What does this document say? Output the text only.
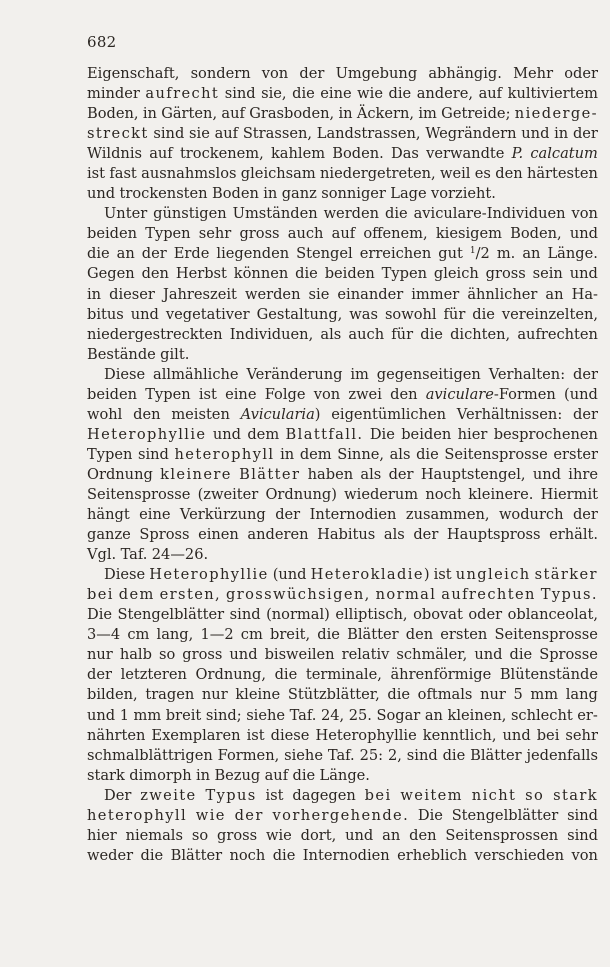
682
Eigenschaft, sondern von der Umgebung abhängig. Mehr oder
minder aufrecht sind sie, die eine wie die andere, auf kultiviertem
Boden, in Gärten, auf Grasboden, in Äckern, im Getreide; niederge-
streckt sind sie auf Strassen, Landstrassen, Wegrändern und in der
Wildnis auf trockenem, kahlem Boden. Das verwandte P. calcatum
ist fast ausnahmslos gleichsam niedergetreten, weil es den härtesten
und trockensten Boden in ganz sonniger Lage vorzieht.
Unter günstigen Umständen werden die aviculare-Individuen von
beiden Typen sehr gross auch auf offenem, kiesigem Boden, und
die an der Erde liegenden Stengel erreichen gut 1/2 m. an Länge.
Gegen den Herbst können die beiden Typen gleich gross sein und
in dieser Jahreszeit werden sie einander immer ähnlicher an Ha-
bitus und vegetativer Gestaltung, was sowohl für die vereinzelten,
niedergestreckten Individuen, als auch für die dichten, aufrechten
Bestände gilt.
Diese allmähliche Veränderung im gegenseitigen Verhalten: der
beiden Typen ist eine Folge von zwei den aviculare-Formen (und
wohl den meisten Avicularia) eigentümlichen Verhältnissen: der
Heterophyllie und dem Blattfall. Die beiden hier besprochenen
Typen sind heterophyll in dem Sinne, als die Seitensprosse erster
Ordnung kleinere Blätter haben als der Hauptstengel, und ihre
Seitensprosse (zweiter Ordnung) wiederum noch kleinere. Hiermit
hängt eine Verkürzung der Internodien zusammen, wodurch der
ganze Spross einen anderen Habitus als der Hauptspross erhält.
Vgl. Taf. 24—26.
Diese Heterophyllie (und Heterokladie) ist ungleich stärker
bei dem ersten, grosswüchsigen, normal aufrechten Typus.
Die Stengelblätter sind (normal) elliptisch, obovat oder oblanceolat,
3—4 cm lang, 1—2 cm breit, die Blätter den ersten Seitensprosse
nur halb so gross und bisweilen relativ schmäler, und die Sprosse
der letzteren Ordnung, die terminale, ährenförmige Blütenstände
bilden, tragen nur kleine Stützblätter, die oftmals nur 5 mm lang
und 1 mm breit sind; siehe Taf. 24, 25. Sogar an kleinen, schlecht er-
nährten Exemplaren ist diese Heterophyllie kenntlich, und bei sehr
schmalblättrigen Formen, siehe Taf. 25: 2, sind die Blätter jedenfalls
stark dimorph in Bezug auf die Länge.
Der zweite Typus ist dagegen bei weitem nicht so stark
heterophyll wie der vorhergehende. Die Stengelblätter sind
hier niemals so gross wie dort, und an den Seitensprossen sind
weder die Blätter noch die Internodien erheblich verschieden von
